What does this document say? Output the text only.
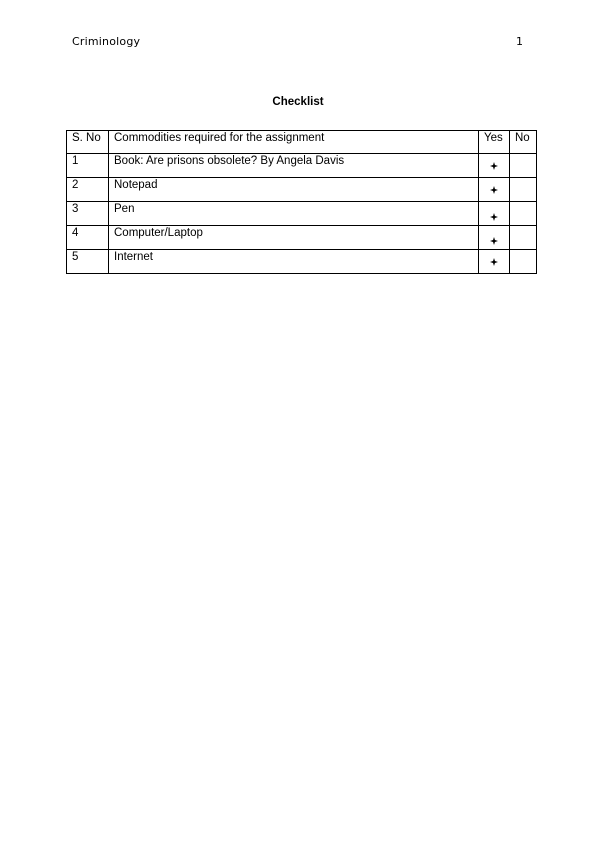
Criminology	1
Checklist
S. No	Commodities required for the assignment	Yes	No
1	Book: Are prisons obsolete? By Angela Davis	

2	Notepad	

3	Pen	

4	Computer/Laptop	

5	Internet	
